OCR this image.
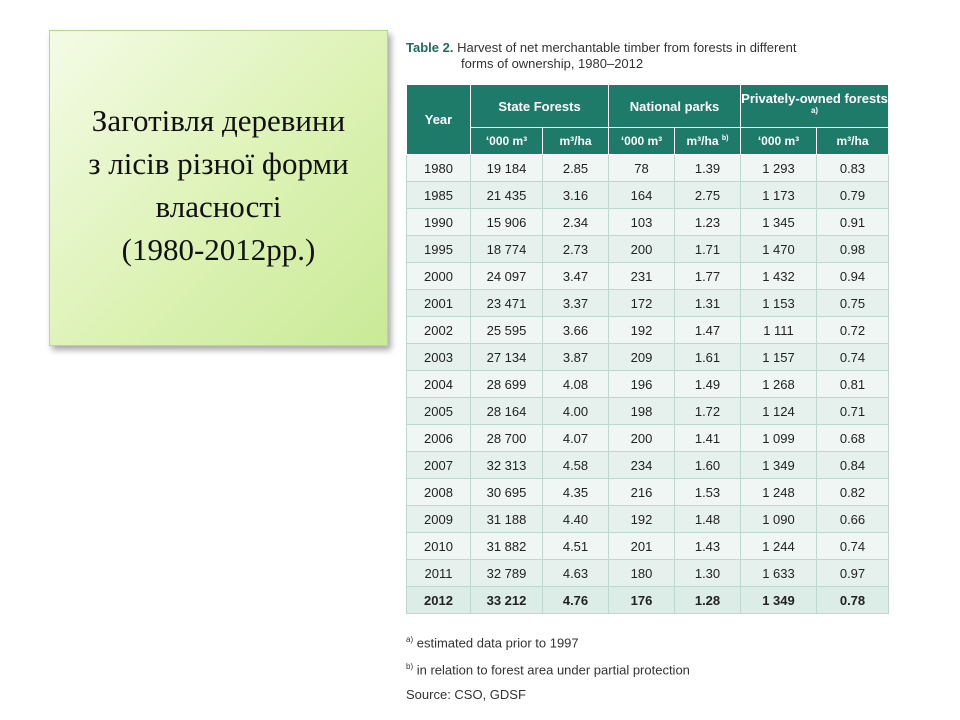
Заготівля деревини
з лісів різної форми
власності
(1980-2012рр.)
Table 2. Harvest of net merchantable timber from forests in different
forms of ownership, 1980–2012
Year	State Forests		National parks		Privately-owned forests $^{a)}$
	‘000 m³	m³/ha	‘000 m³	m³/ha $^{b)}$	‘000 m³	m³/ha
1980	19 184	2.85	78	1.39	1 293	0.83
1985	21 435	3.16	164	2.75	1 173	0.79
1990	15 906	2.34	103	1.23	1 345	0.91
1995	18 774	2.73	200	1.71	1 470	0.98
2000	24 097	3.47	231	1.77	1 432	0.94
2001	23 471	3.37	172	1.31	1 153	0.75
2002	25 595	3.66	192	1.47	1 111	0.72
2003	27 134	3.87	209	1.61	1 157	0.74
2004	28 699	4.08	196	1.49	1 268	0.81
2005	28 164	4.00	198	1.72	1 124	0.71
2006	28 700	4.07	200	1.41	1 099	0.68
2007	32 313	4.58	234	1.60	1 349	0.84
2008	30 695	4.35	216	1.53	1 248	0.82
2009	31 188	4.40	192	1.48	1 090	0.66
2010	31 882	4.51	201	1.43	1 244	0.74
2011	32 789	4.63	180	1.30	1 633	0.97
2012	33 212	4.76	176	1.28	1 349	0.78
$^{a)}$ estimated data prior to 1997
$^{b)}$ in relation to forest area under partial protection
Source: CSO, GDSF
